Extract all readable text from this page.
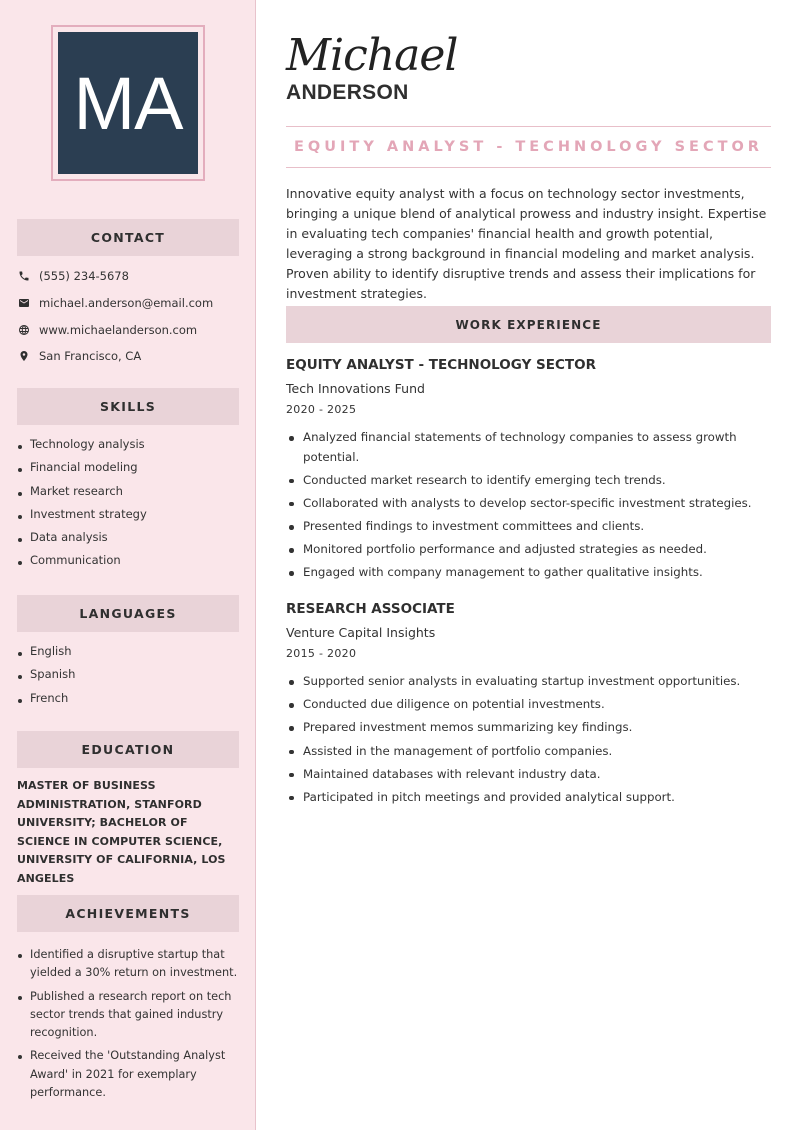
MA
CONTACT
(555) 234-5678
michael.anderson@email.com
www.michaelanderson.com
San Francisco, CA
SKILLS
Technology analysis
Financial modeling
Market research
Investment strategy
Data analysis
Communication
LANGUAGES
English
Spanish
French
EDUCATION
MASTER OF BUSINESS ADMINISTRATION, STANFORD UNIVERSITY; BACHELOR OF SCIENCE IN COMPUTER SCIENCE, UNIVERSITY OF CALIFORNIA, LOS ANGELES
ACHIEVEMENTS
Identified a disruptive startup that yielded a 30% return on investment.
Published a research report on tech sector trends that gained industry recognition.
Received the 'Outstanding Analyst Award' in 2021 for exemplary performance.
Michael
ANDERSON
EQUITY ANALYST - TECHNOLOGY SECTOR

Innovative equity analyst with a focus on technology sector investments, bringing a unique blend of analytical prowess and industry insight. Expertise in evaluating tech companies' financial health and growth potential, leveraging a strong background in financial modeling and market analysis. Proven ability to identify disruptive trends and assess their implications for investment strategies.

WORK EXPERIENCE
EQUITY ANALYST - TECHNOLOGY SECTOR
Tech Innovations Fund
2020 - 2025
Analyzed financial statements of technology companies to assess growth potential.
Conducted market research to identify emerging tech trends.
Collaborated with analysts to develop sector-specific investment strategies.
Presented findings to investment committees and clients.
Monitored portfolio performance and adjusted strategies as needed.
Engaged with company management to gather qualitative insights.
RESEARCH ASSOCIATE
Venture Capital Insights
2015 - 2020
Supported senior analysts in evaluating startup investment opportunities.
Conducted due diligence on potential investments.
Prepared investment memos summarizing key findings.
Assisted in the management of portfolio companies.
Maintained databases with relevant industry data.
Participated in pitch meetings and provided analytical support.
